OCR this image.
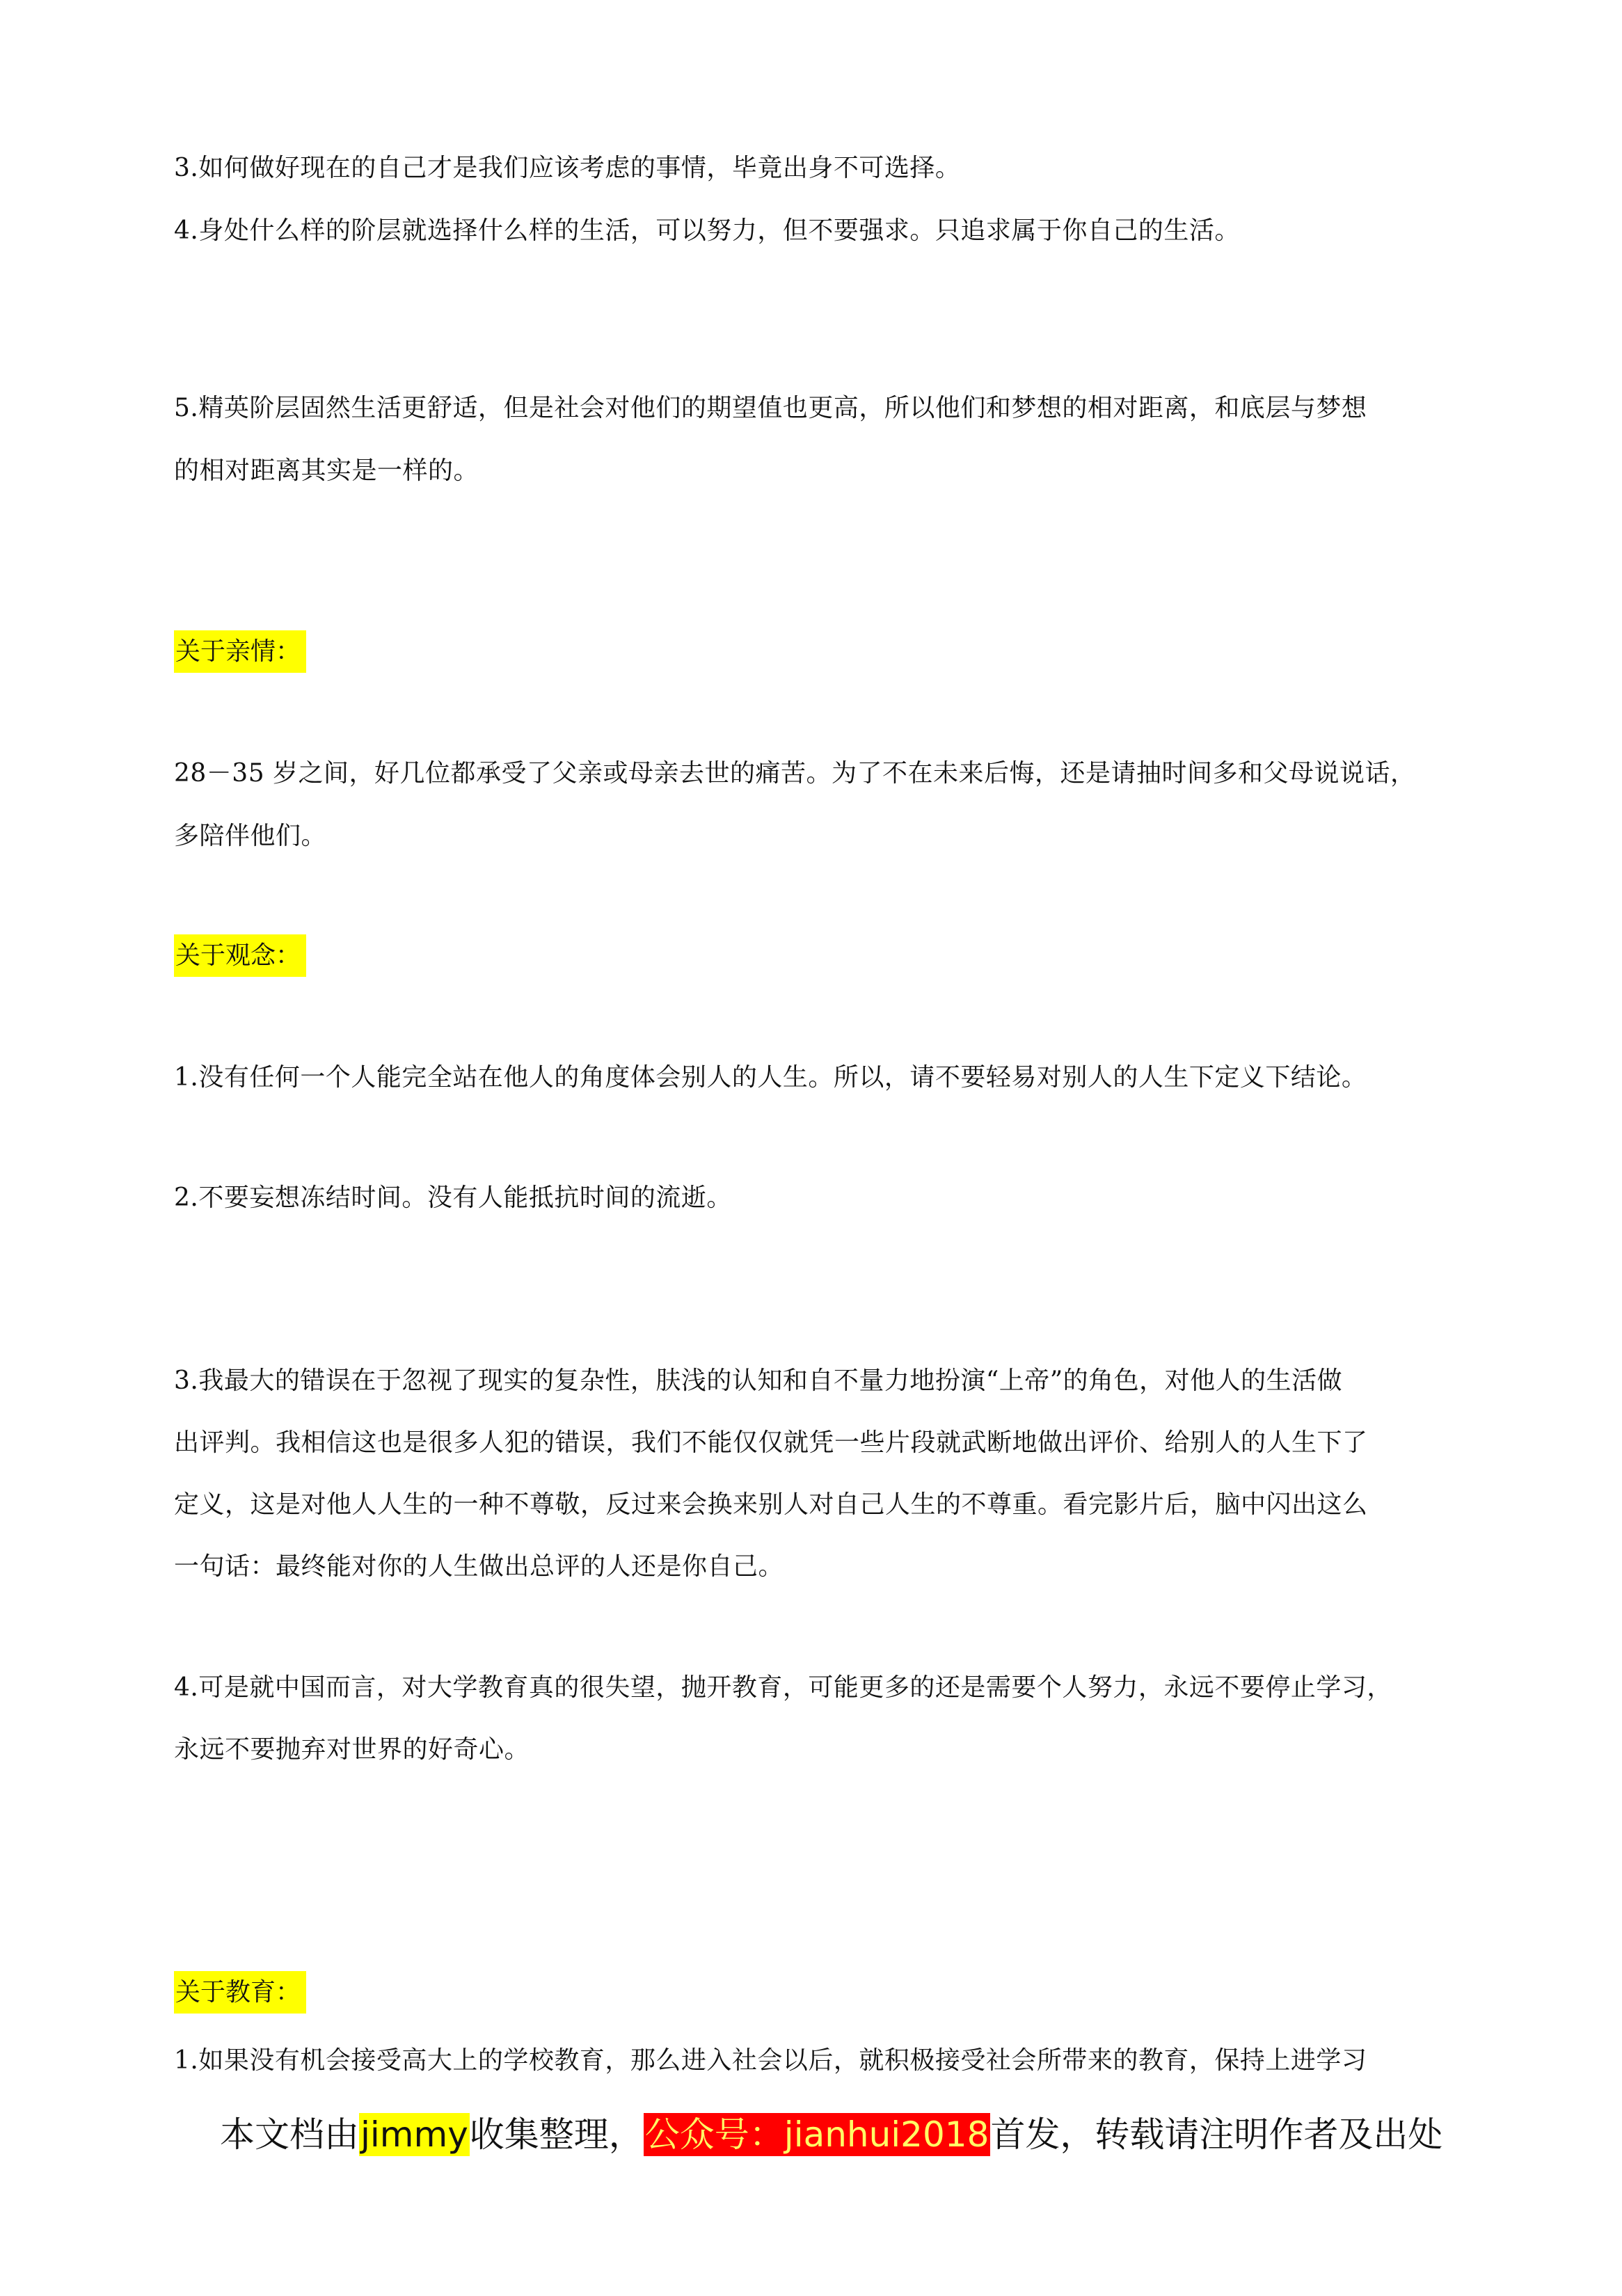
3.如何做好现在的自己才是我们应该考虑的事情，毕竟出身不可选择。
4.身处什么样的阶层就选择什么样的生活，可以努力，但不要强求。只追求属于你自己的生活。
5.精英阶层固然生活更舒适，但是社会对他们的期望值也更高，所以他们和梦想的相对距离，和底层与梦想
的相对距离其实是一样的。
关于亲情：
28－35 岁之间，好几位都承受了父亲或母亲去世的痛苦。为了不在未来后悔，还是请抽时间多和父母说说话，
多陪伴他们。
关于观念：
1.没有任何一个人能完全站在他人的角度体会别人的人生。所以，请不要轻易对别人的人生下定义下结论。
2.不要妄想冻结时间。没有人能抵抗时间的流逝。
3.我最大的错误在于忽视了现实的复杂性，肤浅的认知和自不量力地扮演“上帝”的角色，对他人的生活做
出评判。我相信这也是很多人犯的错误，我们不能仅仅就凭一些片段就武断地做出评价、给别人的人生下了
定义，这是对他人人生的一种不尊敬，反过来会换来别人对自己人生的不尊重。看完影片后，脑中闪出这么
一句话：最终能对你的人生做出总评的人还是你自己。
4.可是就中国而言，对大学教育真的很失望，抛开教育，可能更多的还是需要个人努力，永远不要停止学习，
永远不要抛弃对世界的好奇心。
关于教育：
1.如果没有机会接受高大上的学校教育，那么进入社会以后，就积极接受社会所带来的教育，保持上进学习
本文档由jimmy收集整理，公众号：jianhui2018首发，转载请注明作者及出处
